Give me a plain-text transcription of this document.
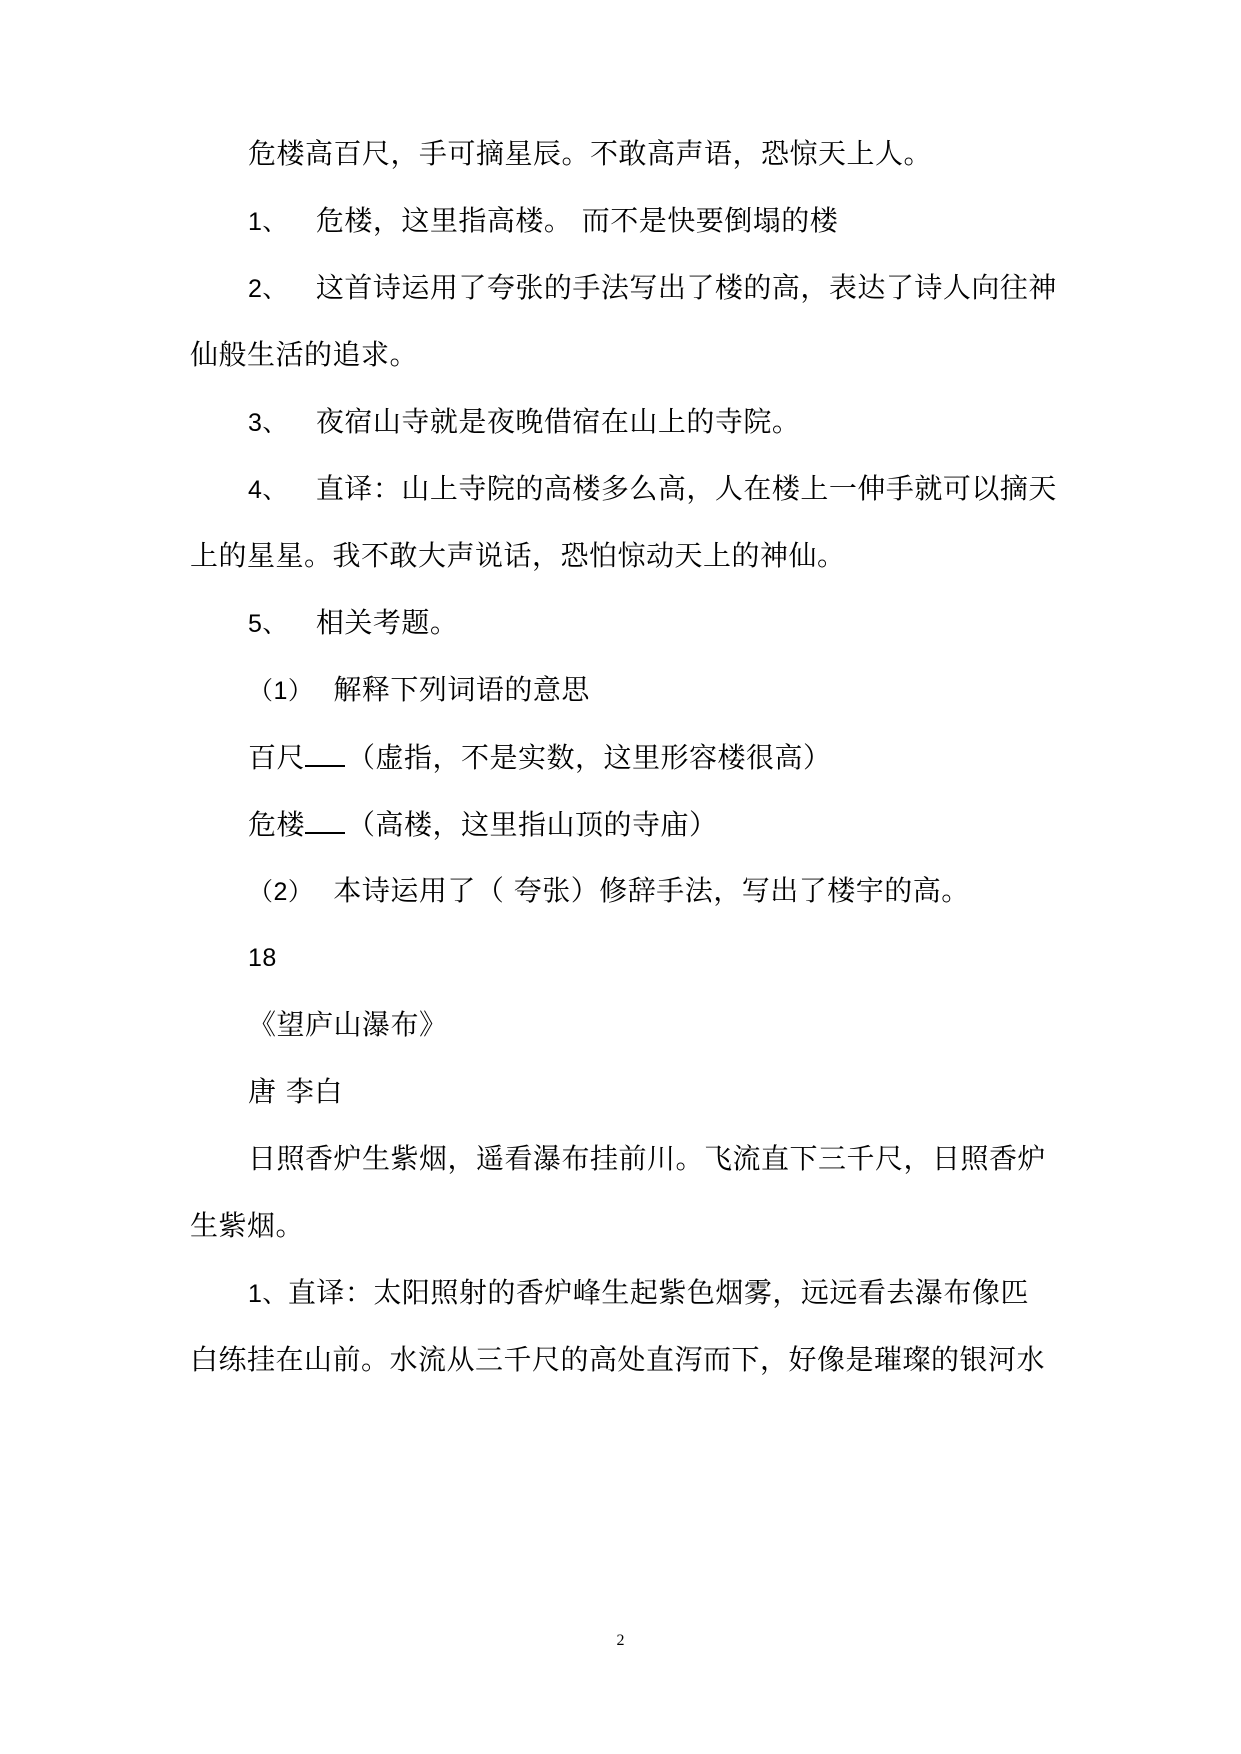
危楼高百尺，手可摘星辰。不敢高声语，恐惊天上人。
1、 危楼，这里指高楼。 而不是快要倒塌的楼
2、 这首诗运用了夸张的手法写出了楼的高，表达了诗人向往神
仙般生活的追求。
3、 夜宿山寺就是夜晚借宿在山上的寺院。
4、 直译：山上寺院的高楼多么高，人在楼上一伸手就可以摘天
上的星星。我不敢大声说话，恐怕惊动天上的神仙。
5、 相关考题。
（1） 解释下列词语的意思
百尺 （虚指，不是实数，这里形容楼很高）
危楼 （高楼，这里指山顶的寺庙）
（2） 本诗运用了（ 夸张）修辞手法，写出了楼宇的高。
18
《望庐山瀑布》
唐 李白
日照香炉生紫烟，遥看瀑布挂前川。飞流直下三千尺，日照香炉
生紫烟。
1、直译：太阳照射的香炉峰生起紫色烟雾，远远看去瀑布像匹
白练挂在山前。水流从三千尺的高处直泻而下，好像是璀璨的银河水
2
